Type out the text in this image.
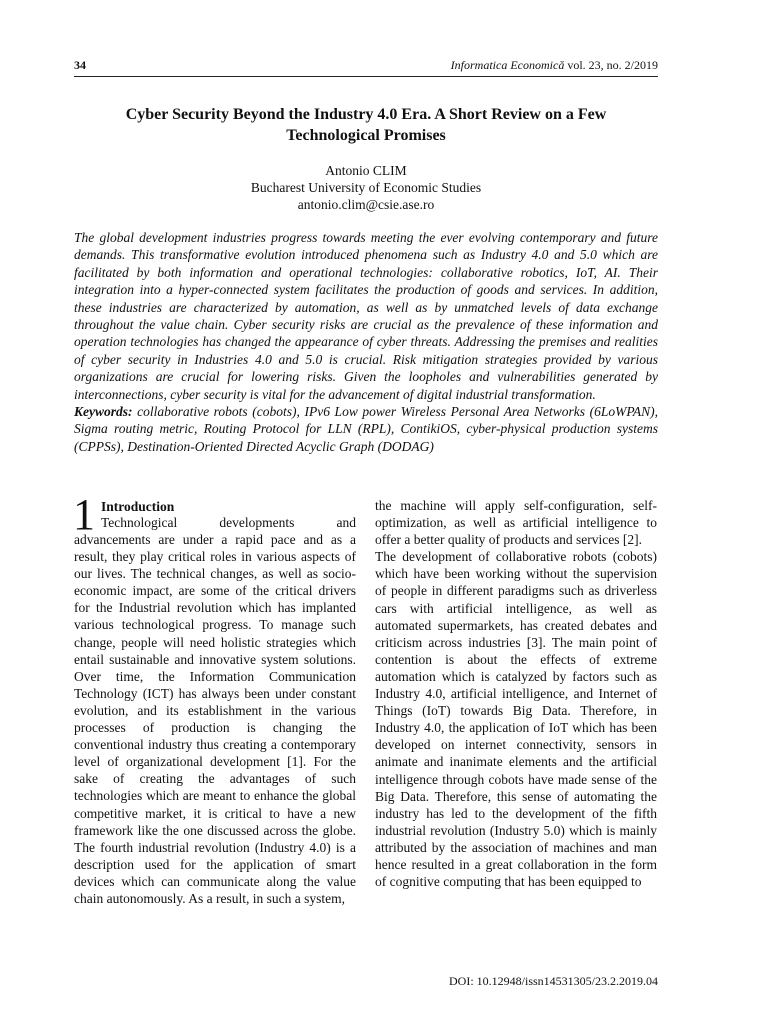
34	Informatica Economică vol. 23, no. 2/2019
Cyber Security Beyond the Industry 4.0 Era. A Short Review on a Few
Technological Promises
Antonio CLIM
Bucharest University of Economic Studies
antonio.clim@csie.ase.ro

The global development industries progress towards meeting the ever evolving contemporary and future demands. This transformative evolution introduced phenomena such as Industry 4.0 and 5.0 which are facilitated by both information and operational technologies: collaborative robotics, IoT, AI. Their integration into a hyper-connected system facilitates the production of goods and services. In addition, these industries are characterized by automation, as well as by unmatched levels of data exchange throughout the value chain. Cyber security risks are crucial as the prevalence of these information and operation technologies has changed the appearance of cyber threats. Addressing the premises and realities of cyber security in Industries 4.0 and 5.0 is crucial. Risk mitigation strategies provided by various organizations are crucial for lowering risks. Given the loopholes and vulnerabilities generated by interconnections, cyber security is vital for the advancement of digital industrial transformation.

Keywords: collaborative robots (cobots), IPv6 Low power Wireless Personal Area Networks (6LoWPAN), Sigma routing metric, Routing Protocol for LLN (RPL), ContikiOS, cyber-physical production systems (CPPSs), Destination-Oriented Directed Acyclic Graph (DODAG)

1 Introduction
Technological developments and

advancements are under a rapid pace and as a result, they play critical roles in various aspects of our lives. The technical changes, as well as socio-economic impact, are some of the critical drivers for the Industrial revolution which has implanted various technological progress. To manage such change, people will need holistic strategies which entail sustainable and innovative system solutions. Over time, the Information Communication Technology (ICT) has always been under constant evolution, and its establishment in the various processes of production is changing the conventional industry thus creating a contemporary level of organizational development [1]. For the sake of creating the advantages of such technologies which are meant to enhance the global competitive market, it is critical to have a new framework like the one discussed across the globe. The fourth industrial revolution (Industry 4.0) is a description used for the application of smart devices which can communicate along the value chain autonomously. As a result, in such a system,

the machine will apply self-configuration, self-optimization, as well as artificial intelligence to offer a better quality of products and services [2].

The development of collaborative robots (cobots) which have been working without the supervision of people in different paradigms such as driverless cars with artificial intelligence, as well as automated supermarkets, has created debates and criticism across industries [3]. The main point of contention is about the effects of extreme automation which is catalyzed by factors such as Industry 4.0, artificial intelligence, and Internet of Things (IoT) towards Big Data. Therefore, in Industry 4.0, the application of IoT which has been developed on internet connectivity, sensors in animate and inanimate elements and the artificial intelligence through cobots have made sense of the Big Data. Therefore, this sense of automating the industry has led to the development of the fifth industrial revolution (Industry 5.0) which is mainly attributed by the association of machines and man hence resulted in a great collaboration in the form of cognitive computing that has been equipped to

DOI: 10.12948/issn14531305/23.2.2019.04
